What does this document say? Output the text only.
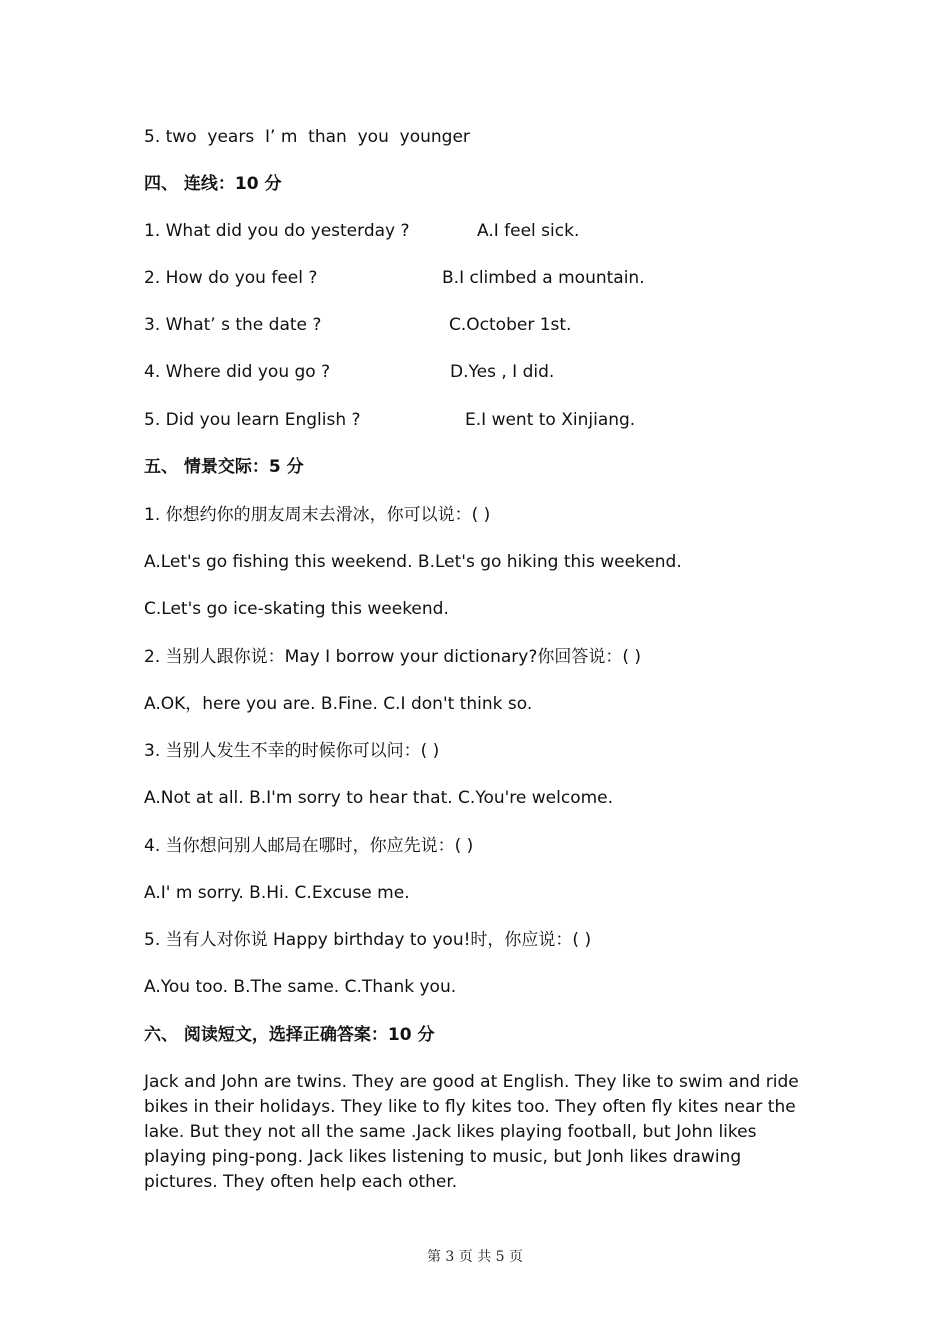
5. two  years  I’ m  than  you  younger
四、 连线：10 分
1. What did you do yesterday ?	A.I feel sick.
2. How do you feel ?	B.I climbed a mountain.
3. What’ s the date ?	C.October 1st.
4. Where did you go ?	D.Yes , I did.
5. Did you learn English ?	E.I went to Xinjiang.
五、 情景交际：5 分
1. 你想约你的朋友周末去滑冰，你可以说：( )
A.Let's go fishing this weekend. B.Let's go hiking this weekend.
C.Let's go ice-skating this weekend.
2. 当别人跟你说：May I borrow your dictionary?你回答说：( )
A.OK，here you are. B.Fine. C.I don't think so.
3. 当别人发生不幸的时候你可以问：( )
A.Not at all. B.I'm sorry to hear that. C.You're welcome.
4. 当你想问别人邮局在哪时，你应先说：( )
A.I' m sorry. B.Hi. C.Excuse me.
5. 当有人对你说 Happy birthday to you!时，你应说：( )
A.You too. B.The same. C.Thank you.
六、 阅读短文，选择正确答案：10 分
Jack and John are twins. They are good at English. They like to swim and ride bikes in their holidays. They like to fly kites too. They often fly kites near the lake. But they not all the same .Jack likes playing football, but John likes playing ping-pong. Jack likes listening to music, but Jonh likes drawing pictures. They often help each other.
第 3 页 共 5 页
